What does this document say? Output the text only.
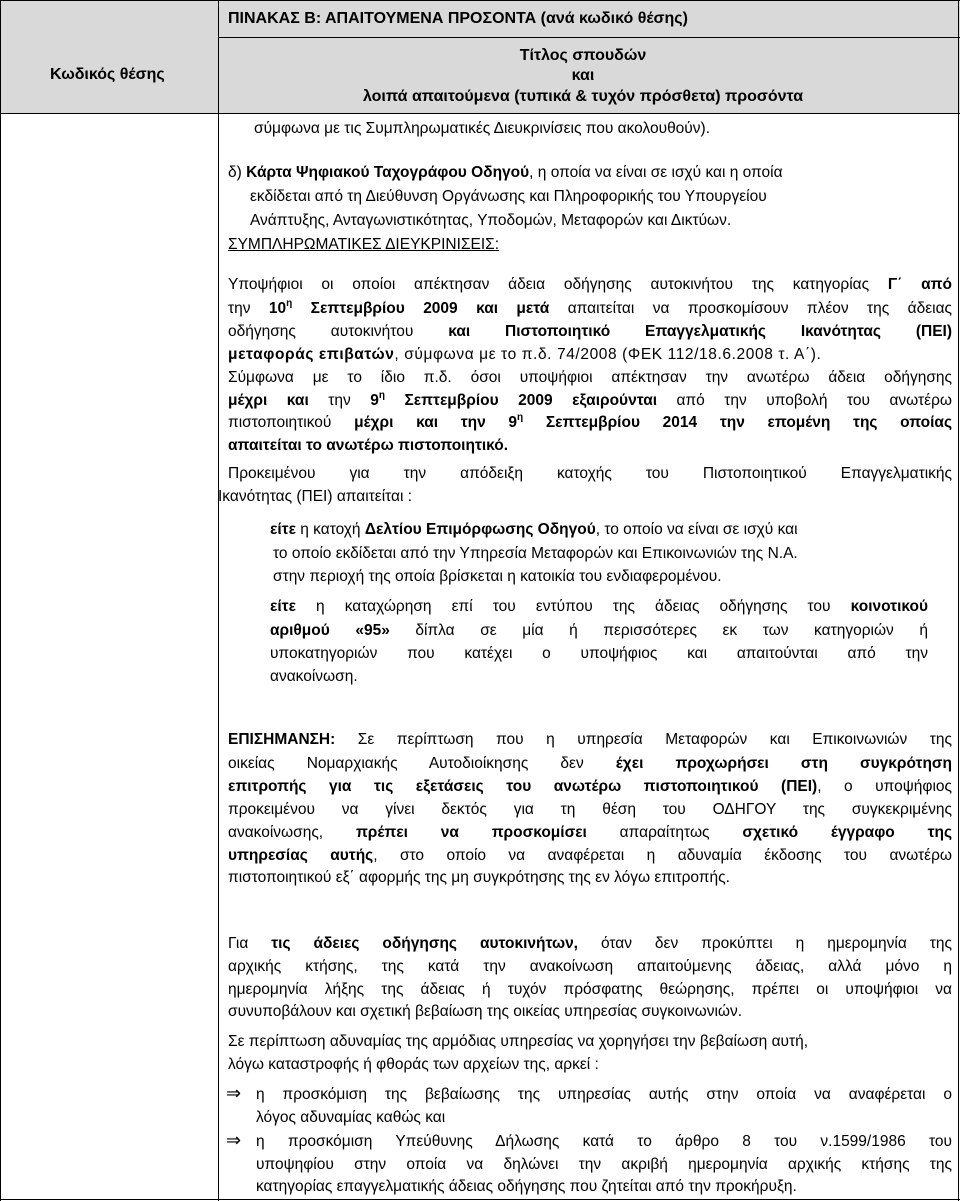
ΠΙΝΑΚΑΣ Β: ΑΠΑΙΤΟΥΜΕΝΑ ΠΡΟΣΟΝΤΑ (ανά κωδικό θέσης)
Κωδικός θέσης
Τίτλος σπουδών
και
λοιπά απαιτούμενα (τυπικά & τυχόν πρόσθετα) προσόντα
σύμφωνα με τις Συμπληρωματικές Διευκρινίσεις που ακολουθούν).
δ) Κάρτα Ψηφιακού Ταχογράφου Οδηγού, η οποία να είναι σε ισχύ και η οποία
εκδίδεται από τη Διεύθυνση Οργάνωσης και Πληροφορικής του Υπουργείου
Ανάπτυξης, Ανταγωνιστικότητας, Υποδομών, Μεταφορών και Δικτύων.
ΣΥΜΠΛΗΡΩΜΑΤΙΚΕΣ ΔΙΕΥΚΡΙΝΙΣΕΙΣ:
Υποψήφιοι οι οποίοι απέκτησαν άδεια οδήγησης αυτοκινήτου της κατηγορίας Γ΄ από
την $10^\eta$ Σεπτεμβρίου 2009 και μετά απαιτείται να προσκομίσουν πλέον της άδειας
οδήγησης αυτοκινήτου και Πιστοποιητικό Επαγγελματικής Ικανότητας (ΠΕΙ)
μεταφοράς επιβατών, σύμφωνα με το π.δ. 74/2008 (ΦΕΚ 112/18.6.2008 τ. Α΄).
Σύμφωνα με το ίδιο π.δ. όσοι υποψήφιοι απέκτησαν την ανωτέρω άδεια οδήγησης
μέχρι και την $9^\eta$ Σεπτεμβρίου 2009 εξαιρούνται από την υποβολή του ανωτέρω
πιστοποιητικού μέχρι και την $9^\eta$ Σεπτεμβρίου 2014 την επομένη της οποίας
απαιτείται το ανωτέρω πιστοποιητικό.
Προκειμένου για την απόδειξη κατοχής του Πιστοποιητικού Επαγγελματικής
Ικανότητας (ΠΕΙ) απαιτείται :
είτε η κατοχή Δελτίου Επιμόρφωσης Οδηγού, το οποίο να είναι σε ισχύ και
το οποίο εκδίδεται από την Υπηρεσία Μεταφορών και Επικοινωνιών της Ν.Α.
στην περιοχή της οποία βρίσκεται η κατοικία του ενδιαφερομένου.
είτε η καταχώρηση επί του εντύπου της άδειας οδήγησης του κοινοτικού
αριθμού «95» δίπλα σε μία ή περισσότερες εκ των κατηγοριών ή
υποκατηγοριών που κατέχει ο υποψήφιος και απαιτούνται από την
ανακοίνωση.
ΕΠΙΣΗΜΑΝΣΗ: Σε περίπτωση που η υπηρεσία Μεταφορών και Επικοινωνιών της
οικείας Νομαρχιακής Αυτοδιοίκησης δεν έχει προχωρήσει στη συγκρότηση
επιτροπής για τις εξετάσεις του ανωτέρω πιστοποιητικού (ΠΕΙ), ο υποψήφιος
προκειμένου να γίνει δεκτός για τη θέση του ΟΔΗΓΟΥ της συγκεκριμένης
ανακοίνωσης, πρέπει να προσκομίσει απαραίτητως σχετικό έγγραφο της
υπηρεσίας αυτής, στο οποίο να αναφέρεται η αδυναμία έκδοσης του ανωτέρω
πιστοποιητικού εξ΄ αφορμής της μη συγκρότησης της εν λόγω επιτροπής.
Για τις άδειες οδήγησης αυτοκινήτων, όταν δεν προκύπτει η ημερομηνία της
αρχικής κτήσης, της κατά την ανακοίνωση απαιτούμενης άδειας, αλλά μόνο η
ημερομηνία λήξης της άδειας ή τυχόν πρόσφατης θεώρησης, πρέπει οι υποψήφιοι να
συνυποβάλουν και σχετική βεβαίωση της οικείας υπηρεσίας συγκοινωνιών.
Σε περίπτωση αδυναμίας της αρμόδιας υπηρεσίας να χορηγήσει την βεβαίωση αυτή,
λόγω καταστροφής ή φθοράς των αρχείων της, αρκεί :
⇒ η προσκόμιση της βεβαίωσης της υπηρεσίας αυτής στην οποία να αναφέρεται ο
λόγος αδυναμίας καθώς και
⇒ η προσκόμιση Υπεύθυνης Δήλωσης κατά το άρθρο 8 του ν.1599/1986 του
υποψηφίου στην οποία να δηλώνει την ακριβή ημερομηνία αρχικής κτήσης της
κατηγορίας επαγγελματικής άδειας οδήγησης που ζητείται από την προκήρυξη.
